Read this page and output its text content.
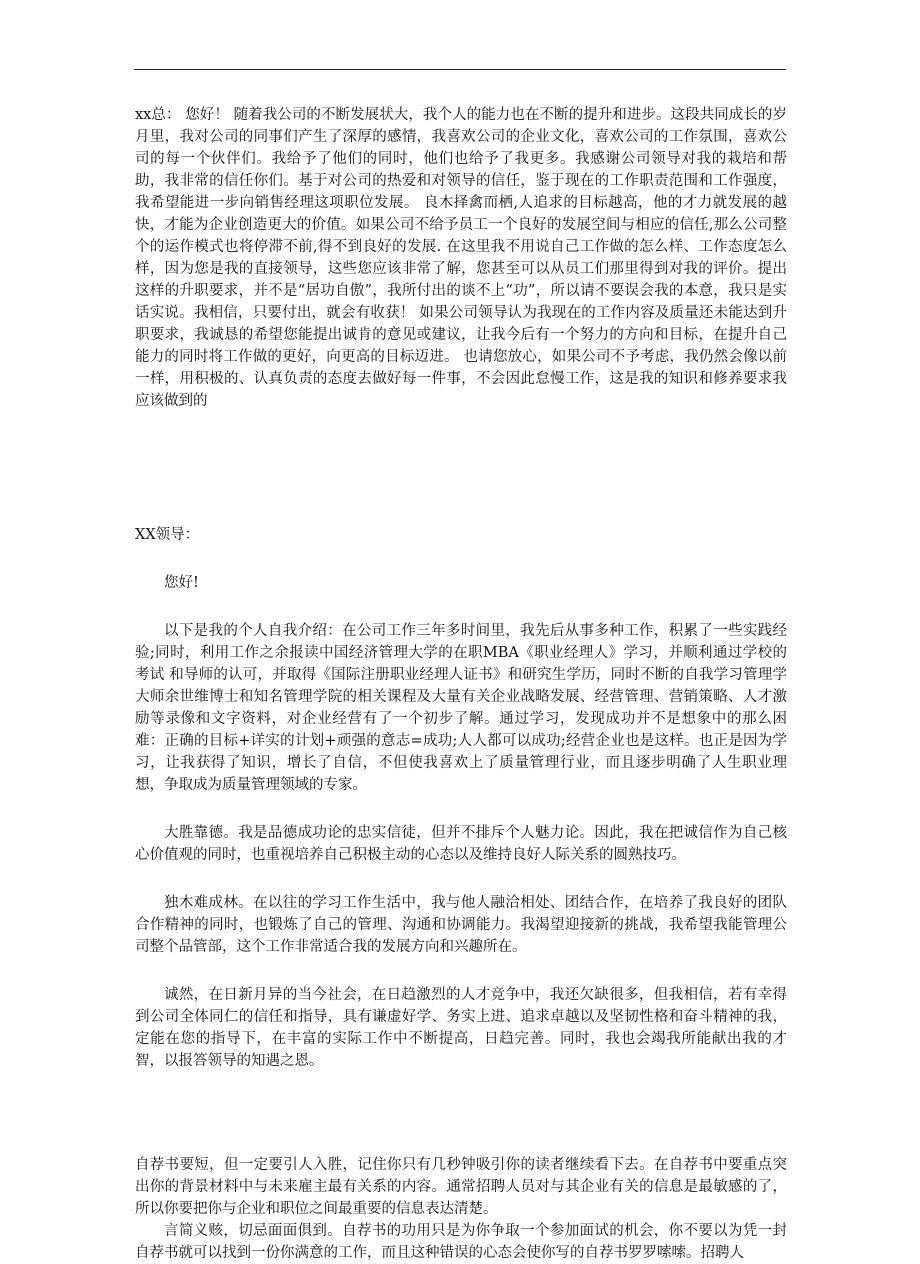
xx总： 您好！ 随着我公司的不断发展状大，我个人的能力也在不断的提升和进步。这段共同成长的岁月里，我对公司的同事们产生了深厚的感情，我喜欢公司的企业文化，喜欢公司的工作氛围，喜欢公司的每一个伙伴们。我给予了他们的同时，他们也给予了我更多。我感谢公司领导对我的栽培和帮助，我非常的信任你们。基于对公司的热爱和对领导的信任，鉴于现在的工作职责范围和工作强度，我希望能进一步向销售经理这项职位发展。 良木择禽而栖,人追求的目标越高，他的才力就发展的越快，才能为企业创造更大的价值。如果公司不给予员工一个良好的发展空间与相应的信任,那么公司整个的运作模式也将停滞不前,得不到良好的发展. 在这里我不用说自己工作做的怎么样、工作态度怎么样，因为您是我的直接领导，这些您应该非常了解，您甚至可以从员工们那里得到对我的评价。提出这样的升职要求，并不是“居功自傲”，我所付出的谈不上“功”，所以请不要误会我的本意，我只是实话实说。我相信，只要付出，就会有收获！ 如果公司领导认为我现在的工作内容及质量还未能达到升职要求，我诚恳的希望您能提出诚肯的意见或建议，让我今后有一个努力的方向和目标，在提升自己能力的同时将工作做的更好，向更高的目标迈进。 也请您放心，如果公司不予考虑，我仍然会像以前一样，用积极的、认真负责的态度去做好每一件事，不会因此怠慢工作，这是我的知识和修养要求我应该做到的

XX领导：

您好!

以下是我的个人自我介绍：在公司工作三年多时间里，我先后从事多种工作，积累了一些实践经验;同时，利用工作之余报读中国经济管理大学的在职MBA《职业经理人》学习，并顺利通过学校的 考试 和导师的认可，并取得《国际注册职业经理人证书》和研究生学历，同时不断的自我学习管理学大师余世维博士和知名管理学院的相关课程及大量有关企业战略发展、经营管理、营销策略、人才激励等录像和文字资料，对企业经营有了一个初步了解。通过学习，发现成功并不是想象中的那么困难：正确的目标+详实的计划+顽强的意志=成功;人人都可以成功;经营企业也是这样。也正是因为学习，让我获得了知识，增长了自信，不但使我喜欢上了质量管理行业，而且逐步明确了人生职业理想，争取成为质量管理领域的专家。

大胜靠德。我是品德成功论的忠实信徒，但并不排斥个人魅力论。因此，我在把诚信作为自己核心价值观的同时，也重视培养自己积极主动的心态以及维持良好人际关系的圆熟技巧。

独木难成林。在以往的学习工作生活中，我与他人融洽相处、团结合作，在培养了我良好的团队合作精神的同时，也锻炼了自己的管理、沟通和协调能力。我渴望迎接新的挑战，我希望我能管理公司整个品管部，这个工作非常适合我的发展方向和兴趣所在。

诚然，在日新月异的当今社会，在日趋激烈的人才竞争中，我还欠缺很多，但我相信，若有幸得到公司全体同仁的信任和指导，具有谦虚好学、务实上进、追求卓越以及坚韧性格和奋斗精神的我，定能在您的指导下，在丰富的实际工作中不断提高，日趋完善。同时，我也会竭我所能献出我的才智，以报答领导的知遇之恩。

自荐书要短，但一定要引人入胜，记住你只有几秒钟吸引你的读者继续看下去。在自荐书中要重点突出你的背景材料中与未来雇主最有关系的内容。通常招聘人员对与其企业有关的信息是最敏感的了，所以你要把你与企业和职位之间最重要的信息表达清楚。

言简义赅，切忌面面俱到。自荐书的功用只是为你争取一个参加面试的机会，你不要以为凭一封自荐书就可以找到一份你满意的工作，而且这种错误的心态会使你写的自荐书罗罗嗦嗦。招聘人
